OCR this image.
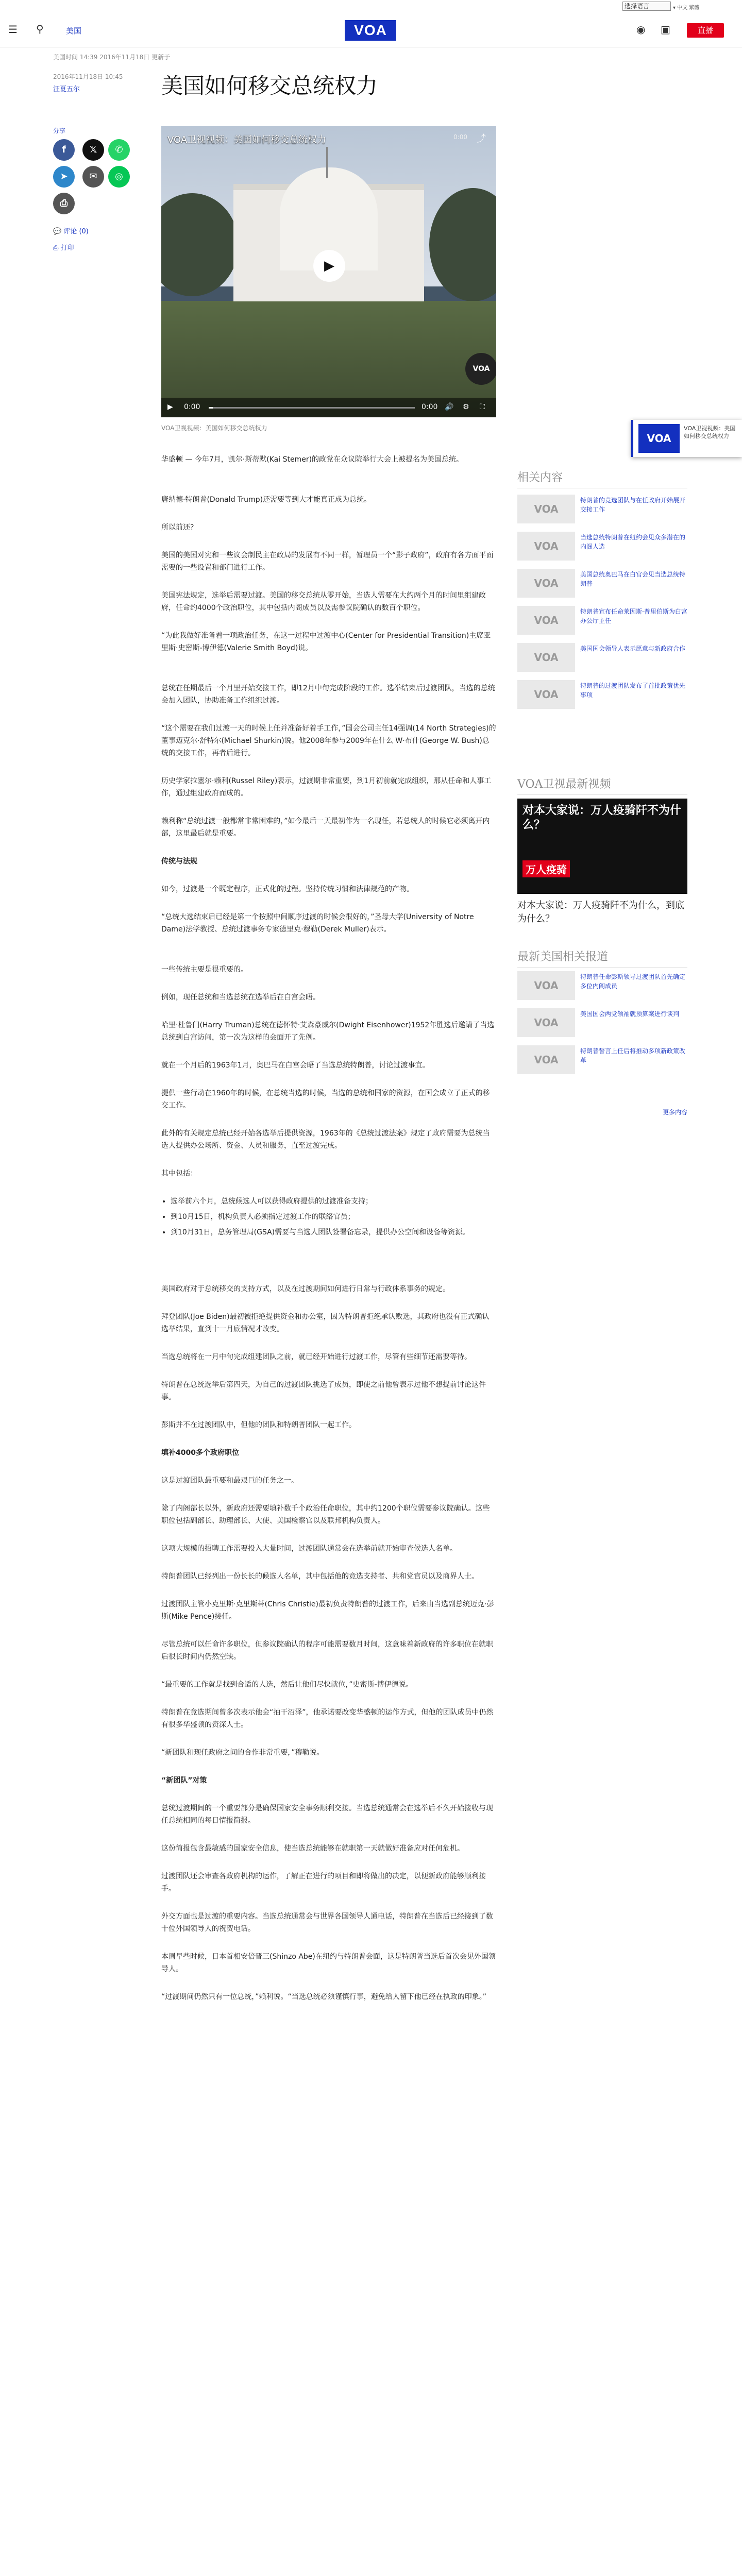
选择语言	▾ 中文 繁體
☰ ⚲	美国	VOA	◉ ▣	直播
美国时间 14:39 2016年11月18日 更新于
2016年11月18日 10:45
汪夏五尔	美国如何移交总统权力
分享
f	𝕏	✆
➤	✉	◎
⎙
💬 评论 (0)
⎙ 打印
VOA卫视视频：美国如何移交总统权力	0:00 ⤴
▶
VOA
▶ 0:00	0:00 🔊 ⚙ ⛶
VOA卫视视频：美国如何移交总统权力
VOA
VOA卫视视频：美国如何移交总统权力
华盛顿 — 今年7月，凯尔·斯蒂默(Kai Stemer)的政党在众议院举行大会上被提名为美国总统。
唐纳德·特朗普(Donald Trump)还需要等到大才能真正成为总统。
所以前还?
美国的美国对宪和一些议会制民主在政局的发展有不同一样，暂理员一个“影子政府”，政府有各方面平面需要的一些设置和部门进行工作。
美国宪法规定，选举后需要过渡。美国的移交总统从零开始，当选人需要在大约两个月的时间里组建政府，任命约4000个政治职位，其中包括内阁成员以及需参议院确认的数百个职位。
“为此我做好准备着一项政治任务，在这一过程中过渡中心(Center for Presidential Transition)主席亚里斯·史密斯-博伊德(Valerie Smith Boyd)说。
总统在任期最后一个月里开始交接工作，即12月中旬完成阶段的工作。选举结束后过渡团队，当选的总统会加入团队，协助准备工作组织过渡。
“这个需要在我们过渡一天的时候上任并准备好着手工作，”国会公司主任14强调(14 North Strategies)的董事迈克尔·舒特尔(Michael Shurkin)说。他2008年参与2009年在什么 W·布什(George W. Bush)总统的交接工作，再者后进行。
历史学家拉塞尔·赖利(Russel Riley)表示，过渡期非常重要，到1月初前就完成组织，那从任命和人事工作，通过组建政府而成的。
赖利称“总统过渡一般都常非常困难的，”如今最后一天最初作为一名现任，若总统人的时候它必须离开内部，这里最后就是重要。
传统与法规
如今，过渡是一个既定程序，正式化的过程。坚持传统习惯和法律规范的产物。
“总统大选结束后已经是第一个按照中间顺序过渡的时候会很好的，”圣母大学(University of Notre Dame)法学教授、总统过渡事务专家德里克·穆勒(Derek Muller)表示。
一些传统主要是很重要的。
例如，现任总统和当选总统在选举后在白宫会晤。
哈里·杜鲁门(Harry Truman)总统在德怀特·艾森豪威尔(Dwight Eisenhower)1952年胜选后邀请了当选总统到白宫访问，第一次为这样的会面开了先例。
就在一个月后的1963年1月，奥巴马在白宫会晤了当选总统特朗普，讨论过渡事宜。
提供一些行动在1960年的时候，在总统当选的时候，当选的总统和国家的资源，在国会成立了正式的移交工作。
此外的有关规定总统已经开始各选举后提供资源，1963年的《总统过渡法案》规定了政府需要为总统当选人提供办公场所、资金、人员和服务，直至过渡完成。
其中包括：
• 选举前六个月，总统候选人可以获得政府提供的过渡准备支持；
• 到10月15日，机构负责人必须指定过渡工作的联络官员；
• 到10月31日，总务管理局(GSA)需要与当选人团队签署备忘录，提供办公空间和设备等资源。
美国政府对于总统移交的支持方式，以及在过渡期间如何进行日常与行政体系事务的规定。
拜登团队(Joe Biden)最初被拒绝提供资金和办公室，因为特朗普拒绝承认败选，其政府也没有正式确认选举结果，直到十一月底情况才改变。
当选总统将在一月中旬完成组建团队之前，就已经开始进行过渡工作，尽管有些细节还需要等待。
特朗普在总统选举后第四天，为自己的过渡团队挑选了成员，即使之前他曾表示过他不想提前讨论这件事。
彭斯并不在过渡团队中，但他的团队和特朗普团队一起工作。
填补4000多个政府职位
这是过渡团队最重要和最艰巨的任务之一。
除了内阁部长以外，新政府还需要填补数千个政治任命职位，其中约1200个职位需要参议院确认。这些职位包括副部长、助理部长、大使、美国检察官以及联邦机构负责人。
这项大规模的招聘工作需要投入大量时间，过渡团队通常会在选举前就开始审查候选人名单。
特朗普团队已经列出一份长长的候选人名单，其中包括他的竞选支持者、共和党官员以及商界人士。
过渡团队主管小克里斯·克里斯蒂(Chris Christie)最初负责特朗普的过渡工作，后来由当选副总统迈克·彭斯(Mike Pence)接任。
尽管总统可以任命许多职位，但参议院确认的程序可能需要数月时间，这意味着新政府的许多职位在就职后很长时间内仍然空缺。
“最重要的工作就是找到合适的人选，然后让他们尽快就位，”史密斯-博伊德说。
特朗普在竞选期间曾多次表示他会“抽干沼泽”，他承诺要改变华盛顿的运作方式，但他的团队成员中仍然有很多华盛顿的资深人士。
“新团队和现任政府之间的合作非常重要，”穆勒说。
“新团队”对策
总统过渡期间的一个重要部分是确保国家安全事务顺利交接。当选总统通常会在选举后不久开始接收与现任总统相同的每日情报简报。
这份简报包含最敏感的国家安全信息，使当选总统能够在就职第一天就做好准备应对任何危机。
过渡团队还会审查各政府机构的运作，了解正在进行的项目和即将做出的决定，以便新政府能够顺利接手。
外交方面也是过渡的重要内容。当选总统通常会与世界各国领导人通电话，特朗普在当选后已经接到了数十位外国领导人的祝贺电话。
本周早些时候，日本首相安倍晋三(Shinzo Abe)在纽约与特朗普会面，这是特朗普当选后首次会见外国领导人。
“过渡期间仍然只有一位总统，”赖利说。“当选总统必须谨慎行事，避免给人留下他已经在执政的印象。”
相关内容
VOA
特朗普的竞选团队与在任政府开始展开交接工作
VOA
当选总统特朗普在纽约会见众多潜在的内阁人选
VOA
美国总统奥巴马在白宫会见当选总统特朗普
VOA
特朗普宣布任命莱因斯·普里伯斯为白宫办公厅主任
VOA
美国国会领导人表示愿意与新政府合作
VOA
特朗普的过渡团队发布了首批政策优先事项
VOA卫视最新视频
对本大家说：万人疫骑阡不为什么？
万人疫骑
对本大家说：万人疫骑阡不为什么，到底为什么？
最新美国相关报道
VOA
特朗普任命彭斯领导过渡团队首先确定多位内阁成员
VOA
美国国会两党领袖就预算案进行谈判
VOA
特朗普誓言上任后将推动多项新政策改革
更多内容
